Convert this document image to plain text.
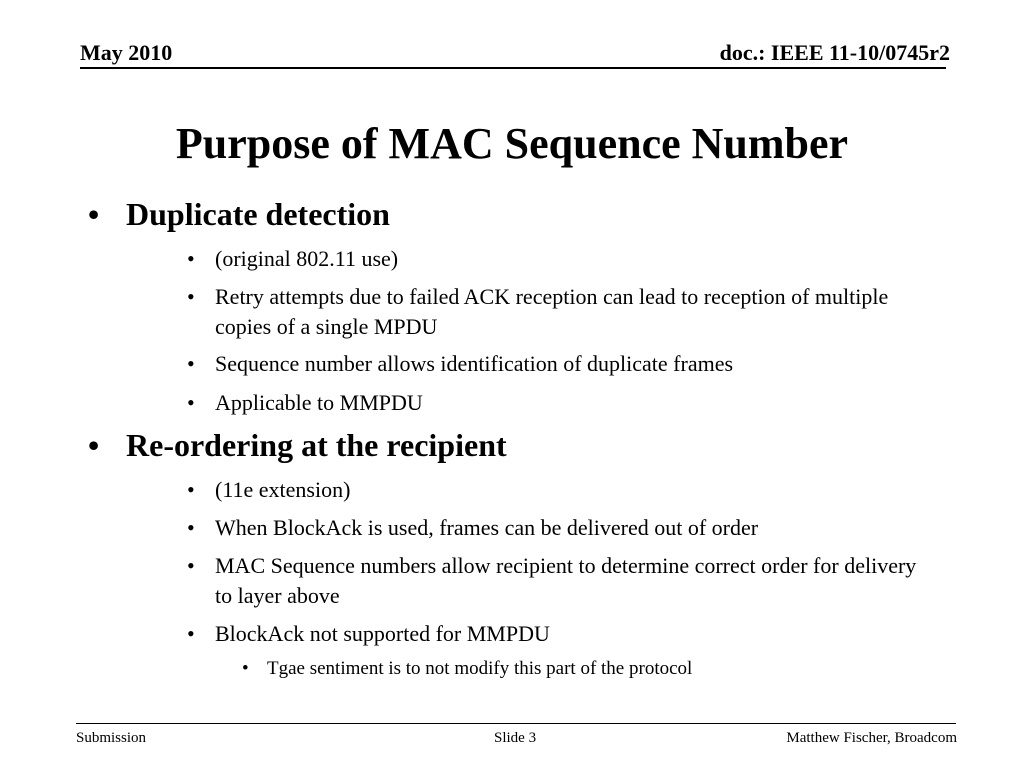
May 2010	doc.: IEEE 11-10/0745r2
Purpose of MAC Sequence Number
• Duplicate detection
• (original 802.11 use)
• Retry attempts due to failed ACK reception can lead to reception of multiple copies of a single MPDU
• Sequence number allows identification of duplicate frames
• Applicable to MMPDU
• Re-ordering at the recipient
• (11e extension)
• When BlockAck is used, frames can be delivered out of order
• MAC Sequence numbers allow recipient to determine correct order for delivery to layer above
• BlockAck not supported for MMPDU
• Tgae sentiment is to not modify this part of the protocol
Submission	Slide 3	Matthew Fischer, Broadcom
